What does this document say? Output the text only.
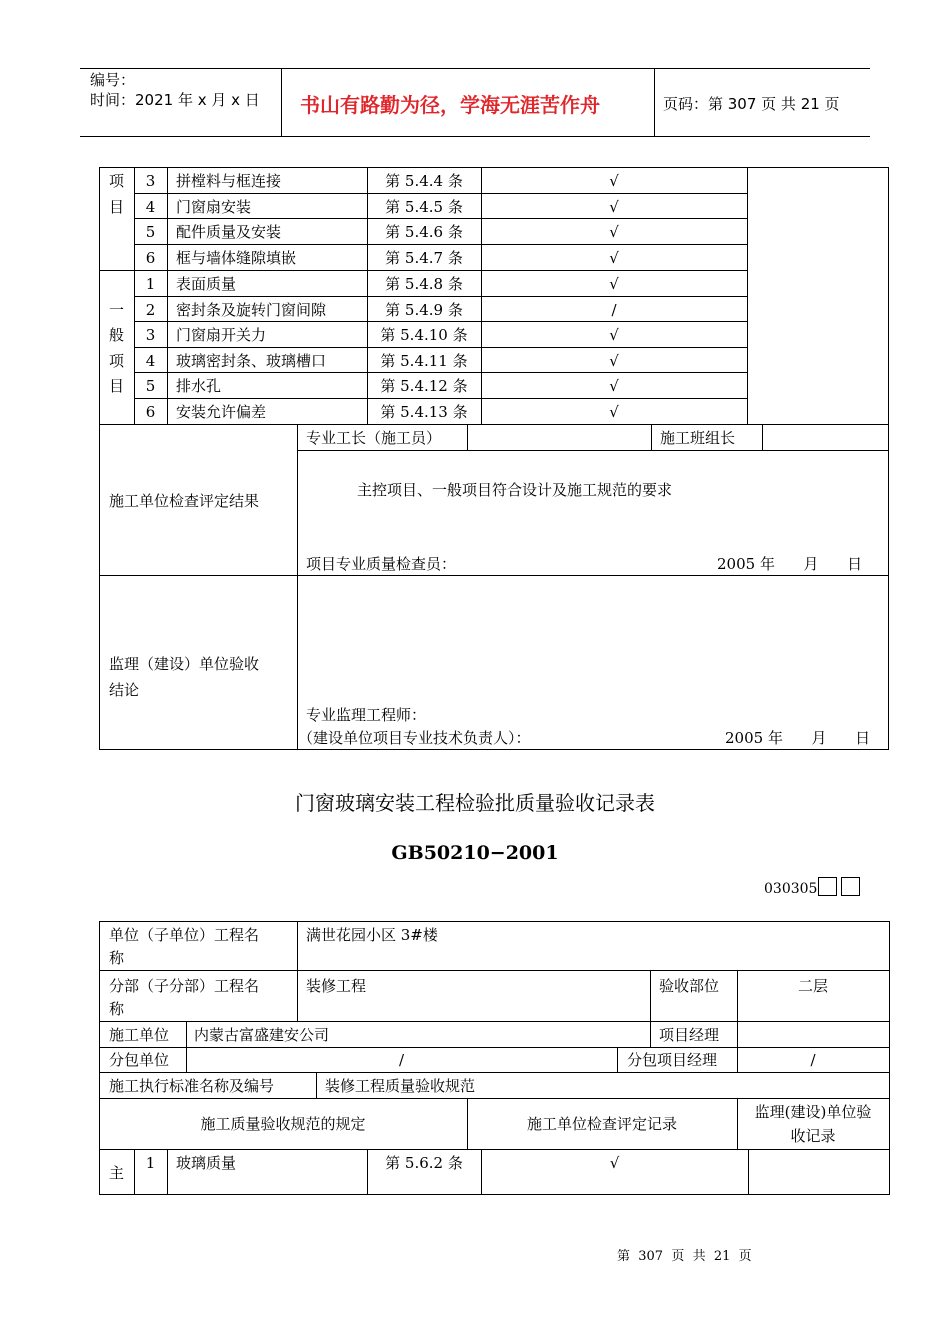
编号：
时间：2021 年 x 月 x 日 书山有路勤为径，学海无涯苦作舟	页码：第 307 页 共 21 页
项
目
3	拼樘料与框连接	第 5.4.4 条	√
4	门窗扇安装	第 5.4.5 条	√
5	配件质量及安装	第 5.4.6 条	√
6	框与墙体缝隙填嵌	第 5.4.7 条	√
一
般
项
目
1	表面质量	第 5.4.8 条	√
2	密封条及旋转门窗间隙	第 5.4.9 条	/
3	门窗扇开关力	第 5.4.10 条	√
4	玻璃密封条、玻璃槽口	第 5.4.11 条	√
5	排水孔	第 5.4.12 条	√
6	安装允许偏差	第 5.4.13 条	√
专业工长（施工员）	施工班组长
施工单位检查评定结果
主控项目、一般项目符合设计及施工规范的要求
项目专业质量检查员：	2005 年      月      日
监理（建设）单位验收
结论
专业监理工程师：
（建设单位项目专业技术负责人）：	2005 年      月      日
门窗玻璃安装工程检验批质量验收记录表
GB50210−2001
030305
单位（子单位）工程名
称
满世花园小区 3#楼
分部（子分部）工程名
称
装修工程	验收部位	二层
施工单位 内蒙古富盛建安公司	项目经理
分包单位	/	分包项目经理	/
施工执行标准名称及编号	装修工程质量验收规范
施工质量验收规范的规定	施工单位检查评定记录
监理(建设)单位验
收记录
主
1	玻璃质量	第 5.6.2 条	√
第  307  页  共  21  页
